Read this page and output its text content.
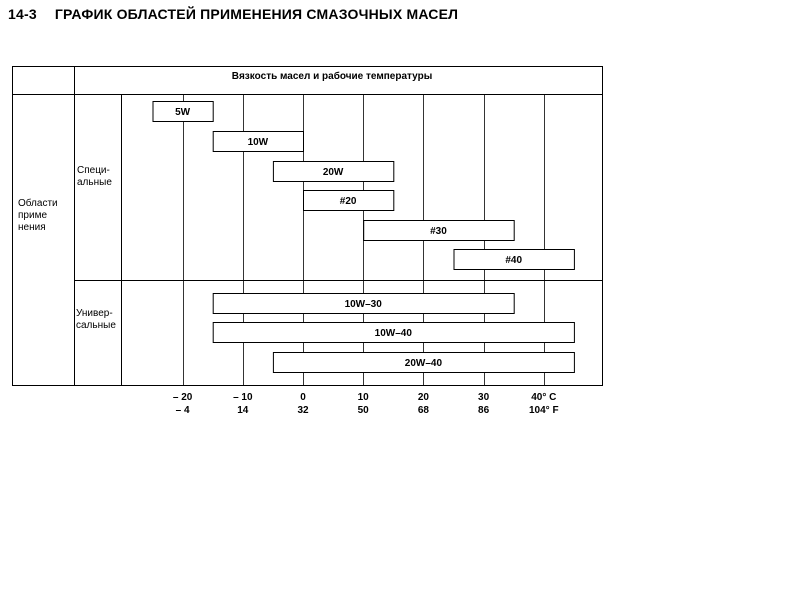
14-3 ГРАФИК ОБЛАСТЕЙ ПРИМЕНЕНИЯ СМАЗОЧНЫХ МАСЕЛ
Вязкость масел и рабочие температуры
Области приме нения
Специ- альные
Универ- сальные
5W
10W
20W
#20
#30
#40
10W–30
10W–40
20W–40
– 20
– 4
– 10
14
0
32
10
50
20
68
30
86
40° C
104° F
